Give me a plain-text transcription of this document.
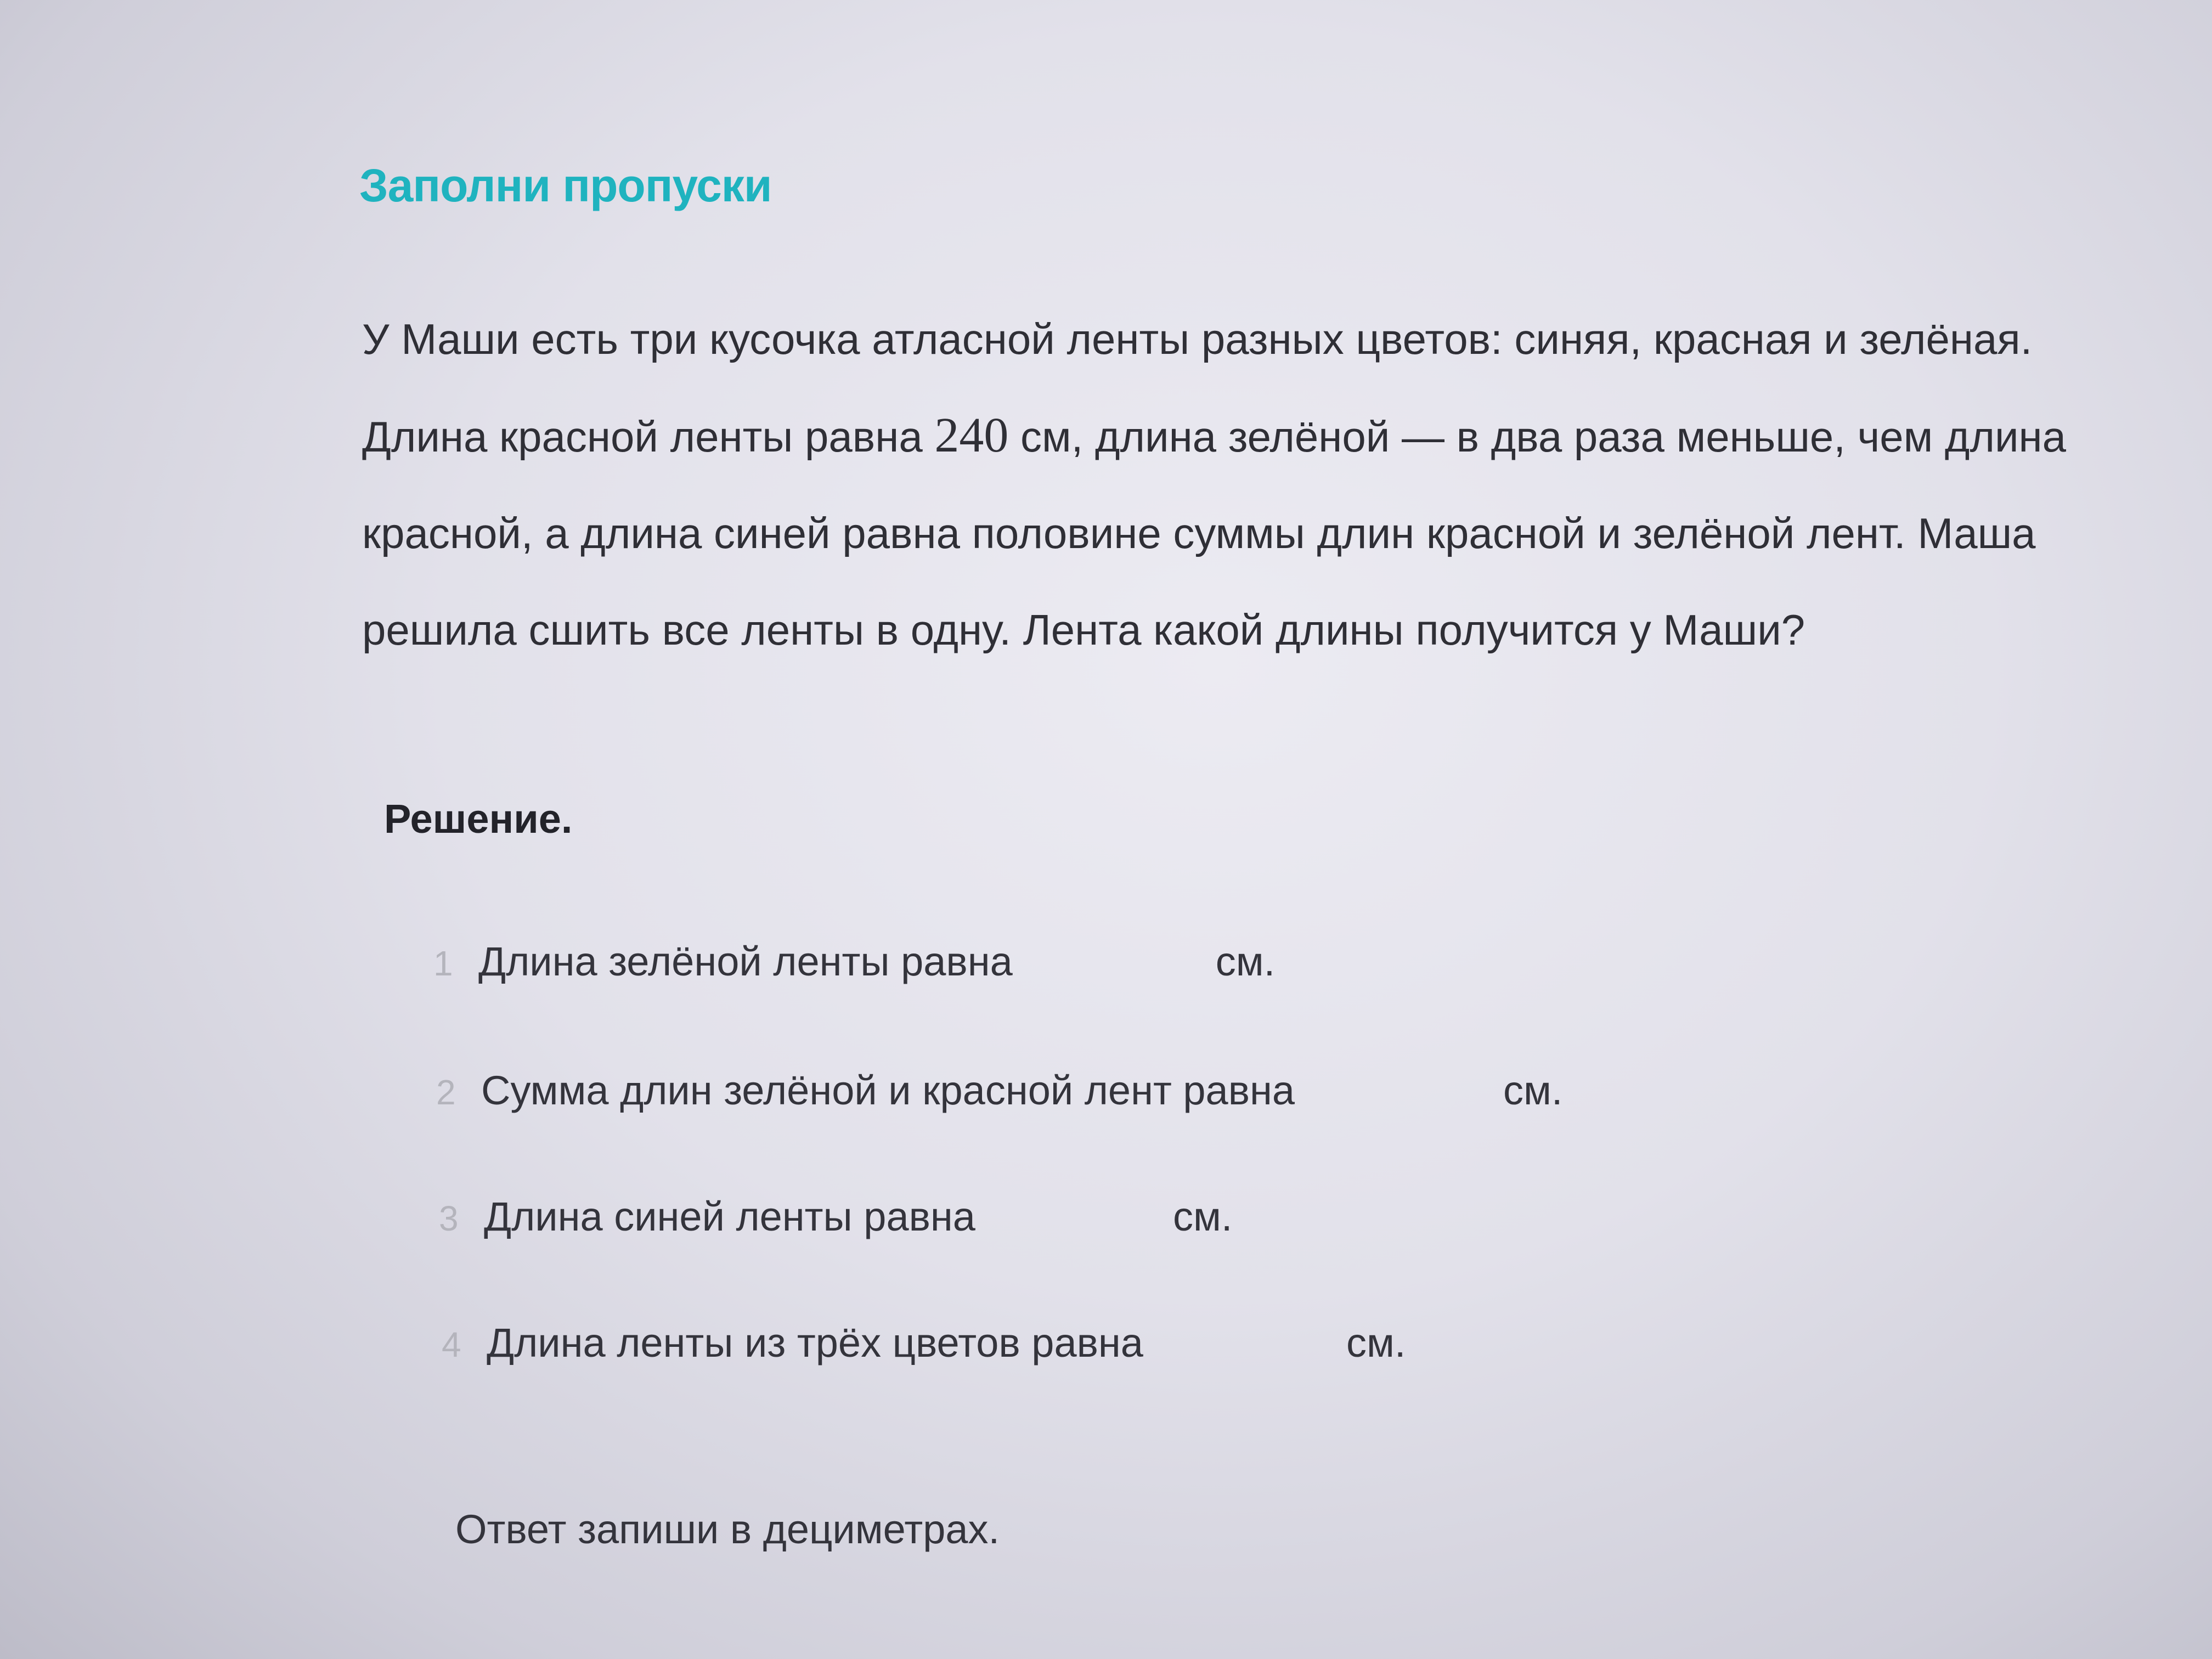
Заполни пропуски
У Маши есть три кусочка атласной ленты разных цветов: синяя, красная и зелёная. Длина красной ленты равна 240 см, длина зелёной — в два раза меньше, чем длина красной, а длина синей равна половине суммы длин красной и зелёной лент. Маша решила сшить все ленты в одну. Лента какой длины получится у Маши?
Решение.
1 Длина зелёной ленты равна	см.
2 Сумма длин зелёной и красной лент равна	см.
3 Длина синей ленты равна	см.
4 Длина ленты из трёх цветов равна	см.
Ответ запиши в дециметрах.
